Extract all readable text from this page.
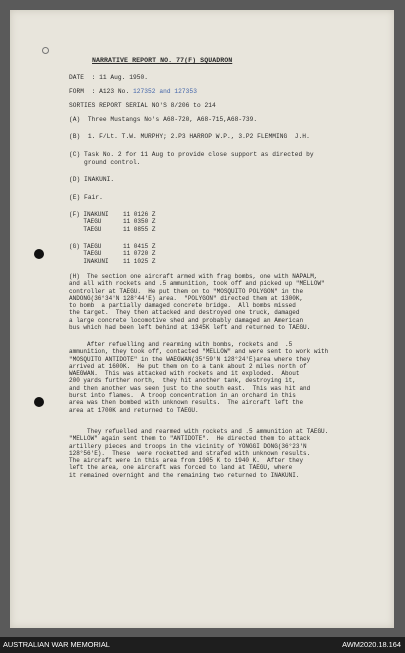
NARRATIVE REPORT NO. 77(F) SQUADRON
DATE  : 11 Aug. 1950.
FORM  : A123 No. 127352 and 127353
SORTIES REPORT SERIAL NO'S 8/206 to 214
(A)  Three Mustangs No's A68-720, A68-715,A68-739.
(B)  1. F/Lt. T.W. MURPHY; 2.P3 HARROP W.P., 3.P2 FLEMMING  J.H.
(C) Task No. 2 for 11 Aug to provide close support as directed by
ground control.
(D) INAKUNI.
(E) Fair.
(F) INAKUNI    11 0126 Z
TAEGU      11 0350 Z
TAEGU      11 0855 Z
(G) TAEGU      11 0415 Z
TAEGU      11 0720 Z
INAKUNI    11 1025 Z
(H)  The section one aircraft armed with frag bombs, one with NAPALM,
and all with rockets and .5 ammunition, took off and picked up "MELLOW"
controller at TAEGU.  He put them on to "MOSQUITO POLYGON" in the
ANDONG(36°34'N 128°44'E) area.  "POLYGON" directed them at 1300K,
to bomb  a partially damaged concrete bridge.  All bombs missed
the target.  They then attacked and destroyed one truck, damaged
a large concrete locomotive shed and probably damaged an American
bus which had been left behind at 1345K left and returned to TAEGU.
After refuelling and rearming with bombs, rockets and  .5
ammunition, they took off, contacted "MELLOW" and were sent to work with
"MOSQUITO ANTIDOTE" in the WAEGWAN(35°59'N 128°24'E)area where they
arrived at 1600K.  He put them on to a tank about 2 miles north of
WAEGWAN.  This was attacked with rockets and it exploded.  About
200 yards further north,  they hit another tank, destroying it,
and then another was seen just to the south east.  This was hit and
burst into flames.  A troop concentration in an orchard in this
area was then bombed with unknown results.  The aircraft left the
area at 1700K and returned to TAEGU.
They refuelled and rearmed with rockets and .5 ammunition at TAEGU.
"MELLOW" again sent them to "ANTIDOTE".  He directed them to attack
artillery pieces and troops in the vicinity of YONGGI DONG(36°23'N
128°56'E).  These  were rocketted and strafed with unknown results.
The aircraft were in this area from 1905 K to 1940 K.  After they
left the area, one aircraft was forced to land at TAEGU, where
it remained overnight and the remaining two returned to INAKUNI.
AUSTRALIAN WAR MEMORIAL	AWM2020.18.164
